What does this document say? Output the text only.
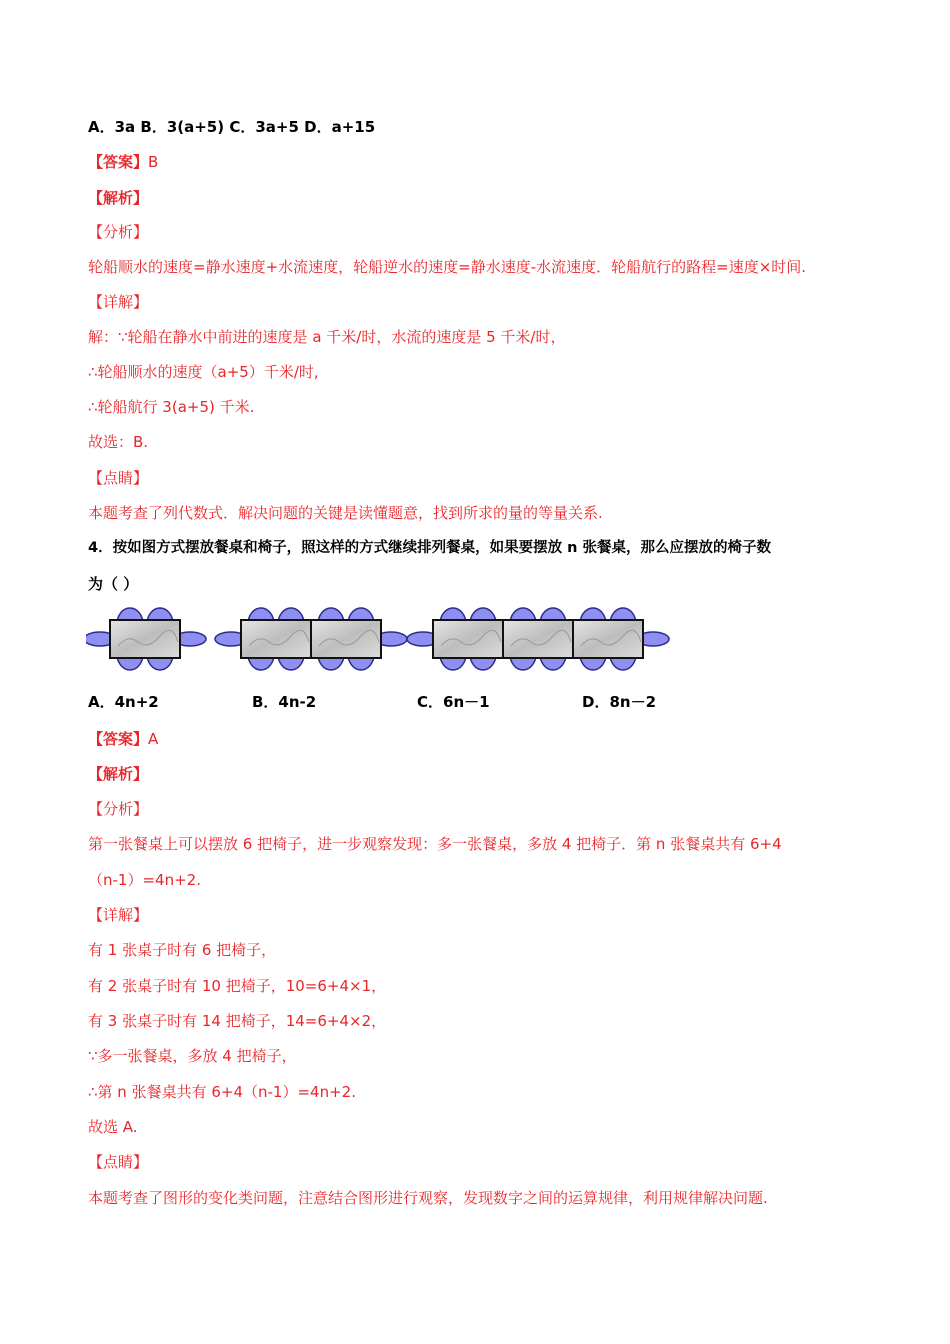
A．3a B．3(a+5) C．3a+5 D．a+15
【答案】B
【解析】
【分析】
轮船顺水的速度=静水速度+水流速度，轮船逆水的速度=静水速度-水流速度．轮船航行的路程=速度×时间.
【详解】
解：∵轮船在静水中前进的速度是 a 千米/时，水流的速度是 5 千米/时，
∴轮船顺水的速度（a+5）千米/时,
∴轮船航行 3(a+5) 千米.
故选：B.
【点睛】
本题考查了列代数式．解决问题的关键是读懂题意，找到所求的量的等量关系.
4．按如图方式摆放餐桌和椅子，照这样的方式继续排列餐桌，如果要摆放 n 张餐桌，那么应摆放的椅子数
为（ ）
A．4n+2	B．4n-2	C．6n－1	D．8n－2
【答案】A
【解析】
【分析】
第一张餐桌上可以摆放 6 把椅子，进一步观察发现：多一张餐桌，多放 4 把椅子．第 n 张餐桌共有 6+4
（n-1）=4n+2.
【详解】
有 1 张桌子时有 6 把椅子，
有 2 张桌子时有 10 把椅子，10=6+4×1，
有 3 张桌子时有 14 把椅子，14=6+4×2，
∵多一张餐桌，多放 4 把椅子，
∴第 n 张餐桌共有 6+4（n-1）=4n+2.
故选 A.
【点睛】
本题考查了图形的变化类问题，注意结合图形进行观察，发现数字之间的运算规律，利用规律解决问题.
